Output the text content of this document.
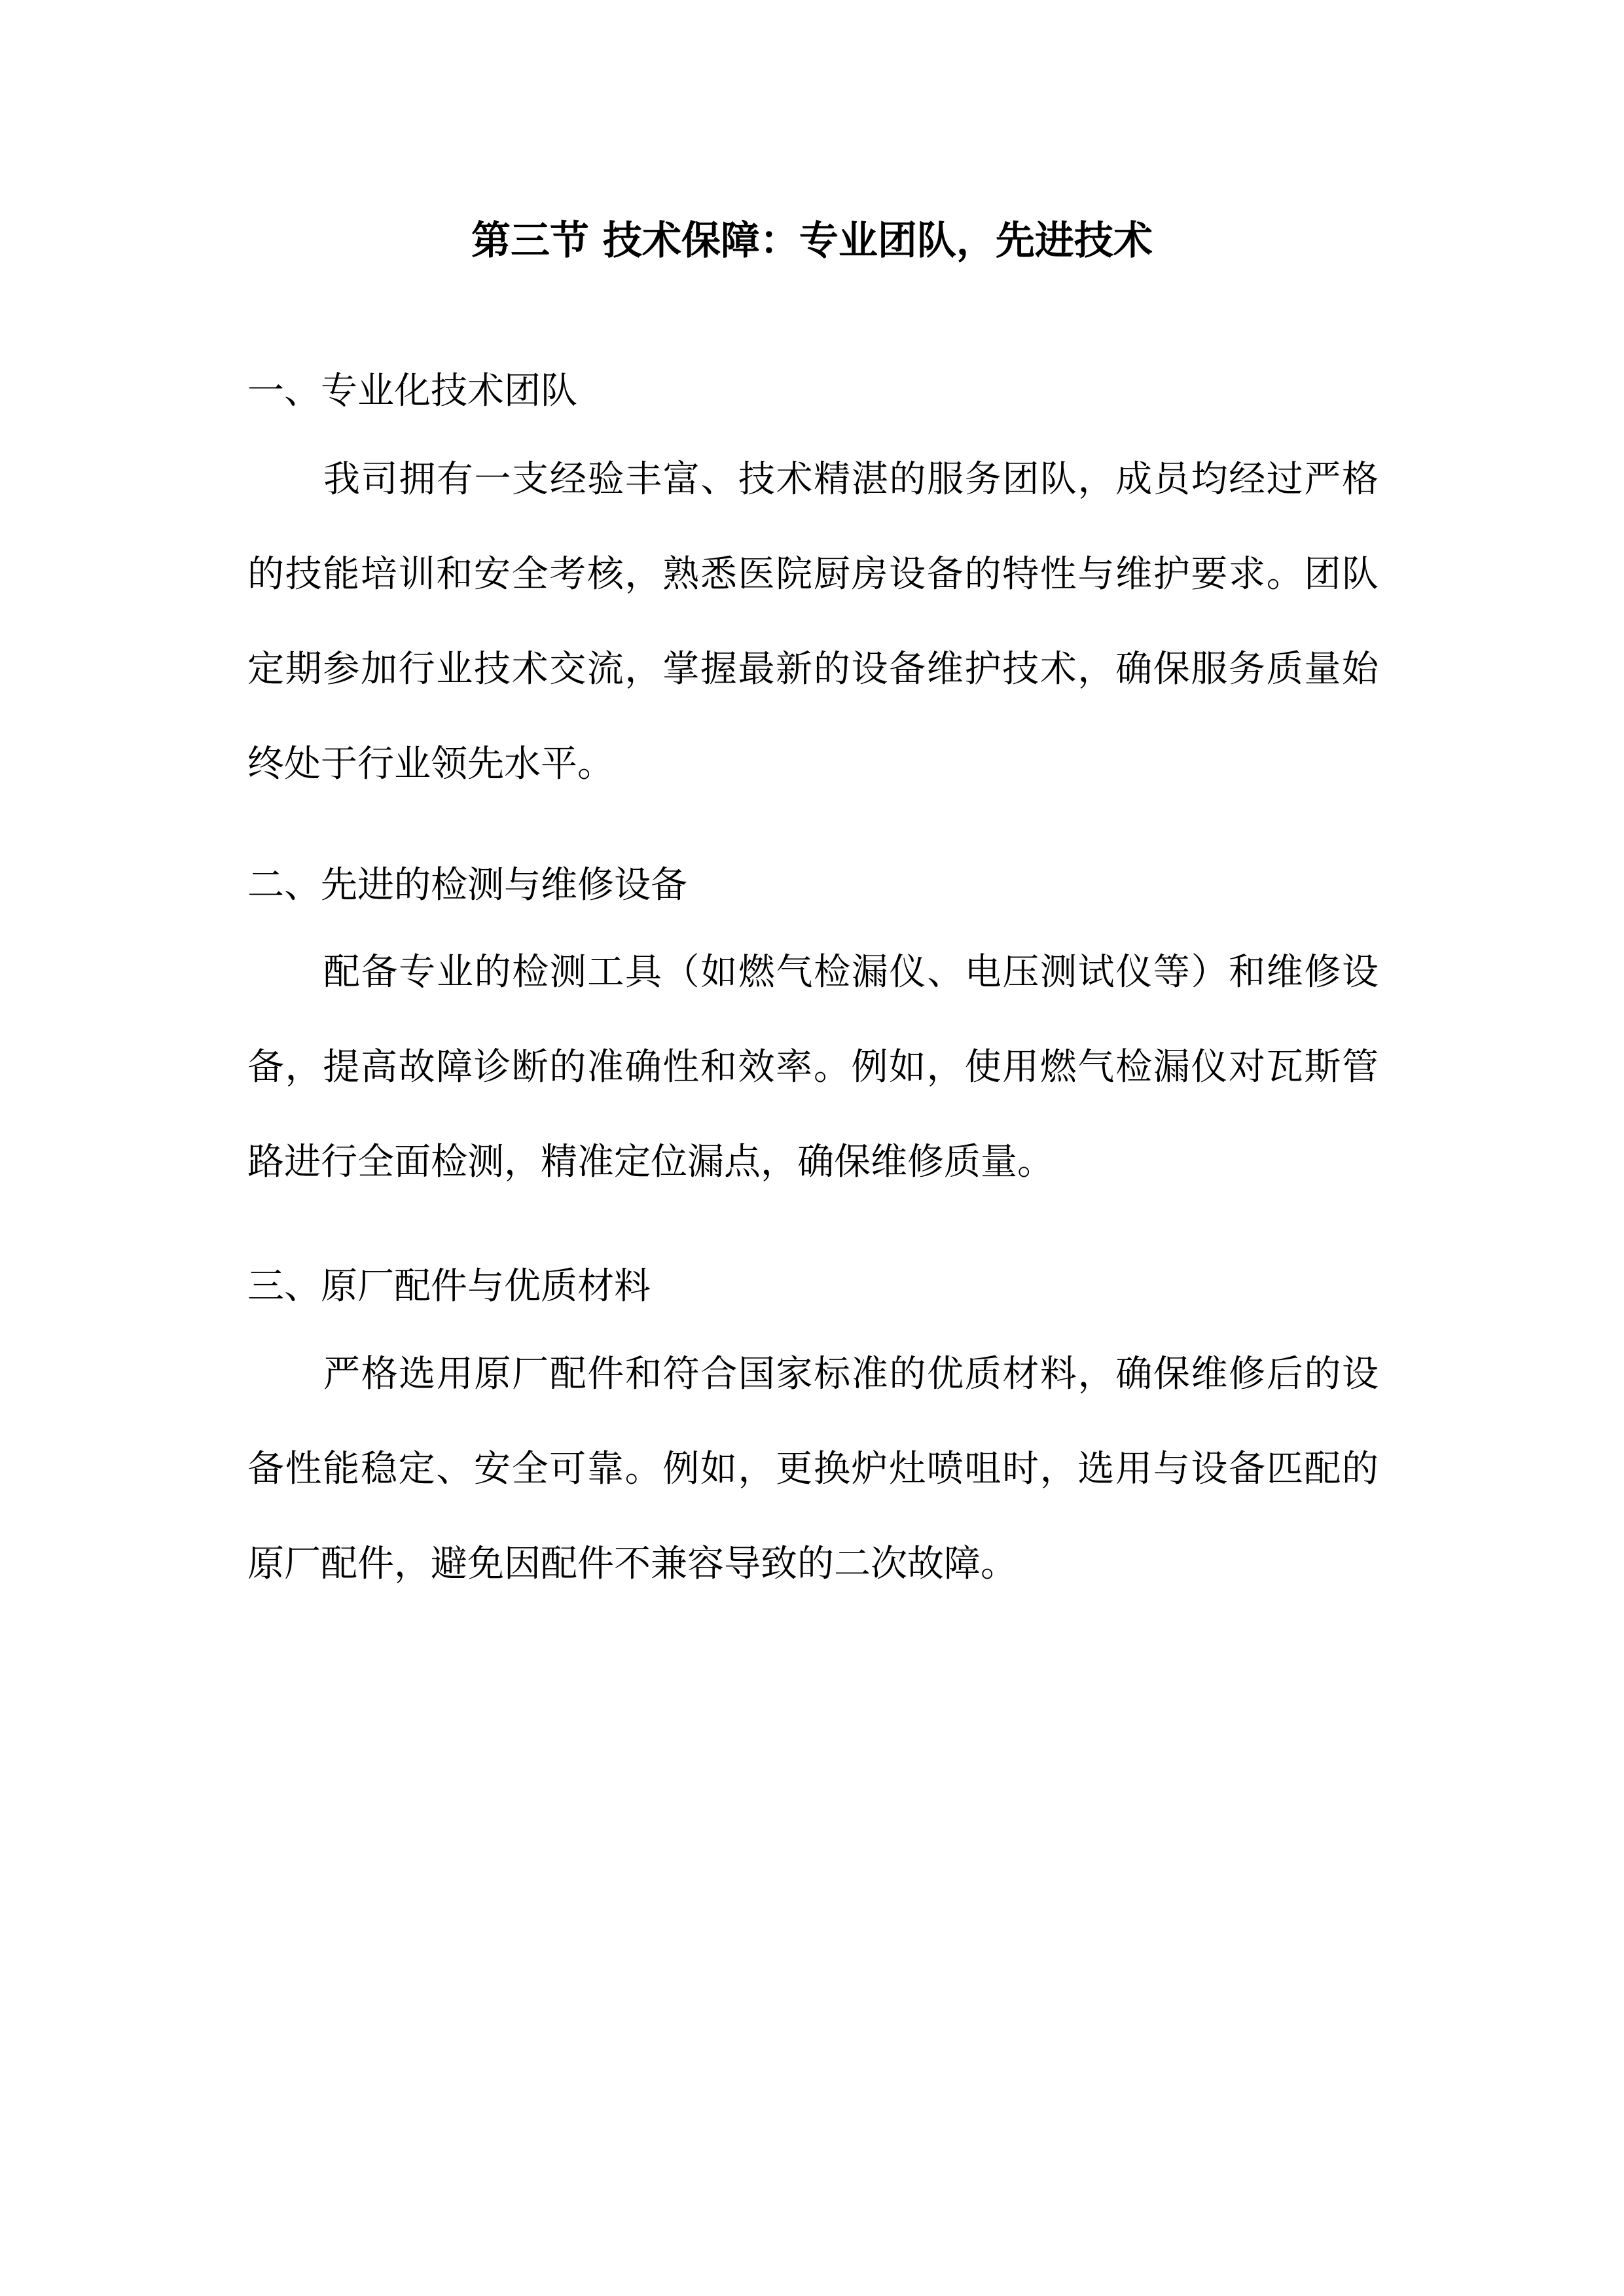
第三节 技术保障：专业团队，先进技术
一、专业化技术团队

我司拥有一支经验丰富、技术精湛的服务团队，成员均经过严格的技能培训和安全考核，熟悉医院厨房设备的特性与维护要求。团队定期参加行业技术交流，掌握最新的设备维护技术，确保服务质量始终处于行业领先水平。

二、先进的检测与维修设备

配备专业的检测工具（如燃气检漏仪、电压测试仪等）和维修设备，提高故障诊断的准确性和效率。例如，使用燃气检漏仪对瓦斯管路进行全面检测，精准定位漏点，确保维修质量。

三、原厂配件与优质材料

严格选用原厂配件和符合国家标准的优质材料，确保维修后的设备性能稳定、安全可靠。例如，更换炉灶喷咀时，选用与设备匹配的原厂配件，避免因配件不兼容导致的二次故障。
